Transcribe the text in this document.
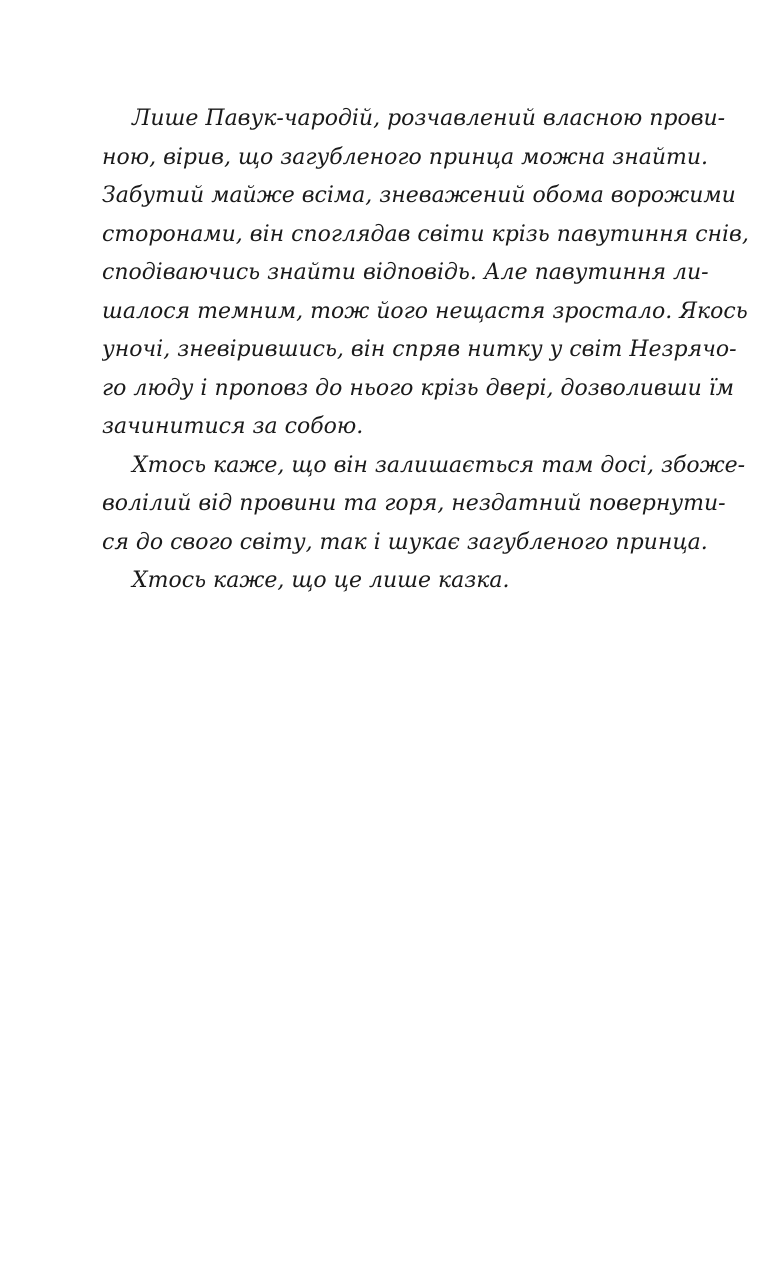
Лише Павук-чародій, розчавлений власною прови-
ною, вірив, що загубленого принца можна знайти.
Забутий майже всіма, зневажений обома ворожими
сторонами, він споглядав світи крізь павутиння снів,
сподіваючись знайти відповідь. Але павутиння ли-
шалося темним, тож його нещастя зростало. Якось
уночі, зневірившись, він спряв нитку у світ Незрячо-
го люду і проповз до нього крізь двері, дозволивши їм
зачинитися за собою.
Хтось каже, що він залишається там досі, збоже-
волілий від провини та горя, нездатний повернути-
ся до свого світу, так і шукає загубленого принца.
Хтось каже, що це лише казка.
